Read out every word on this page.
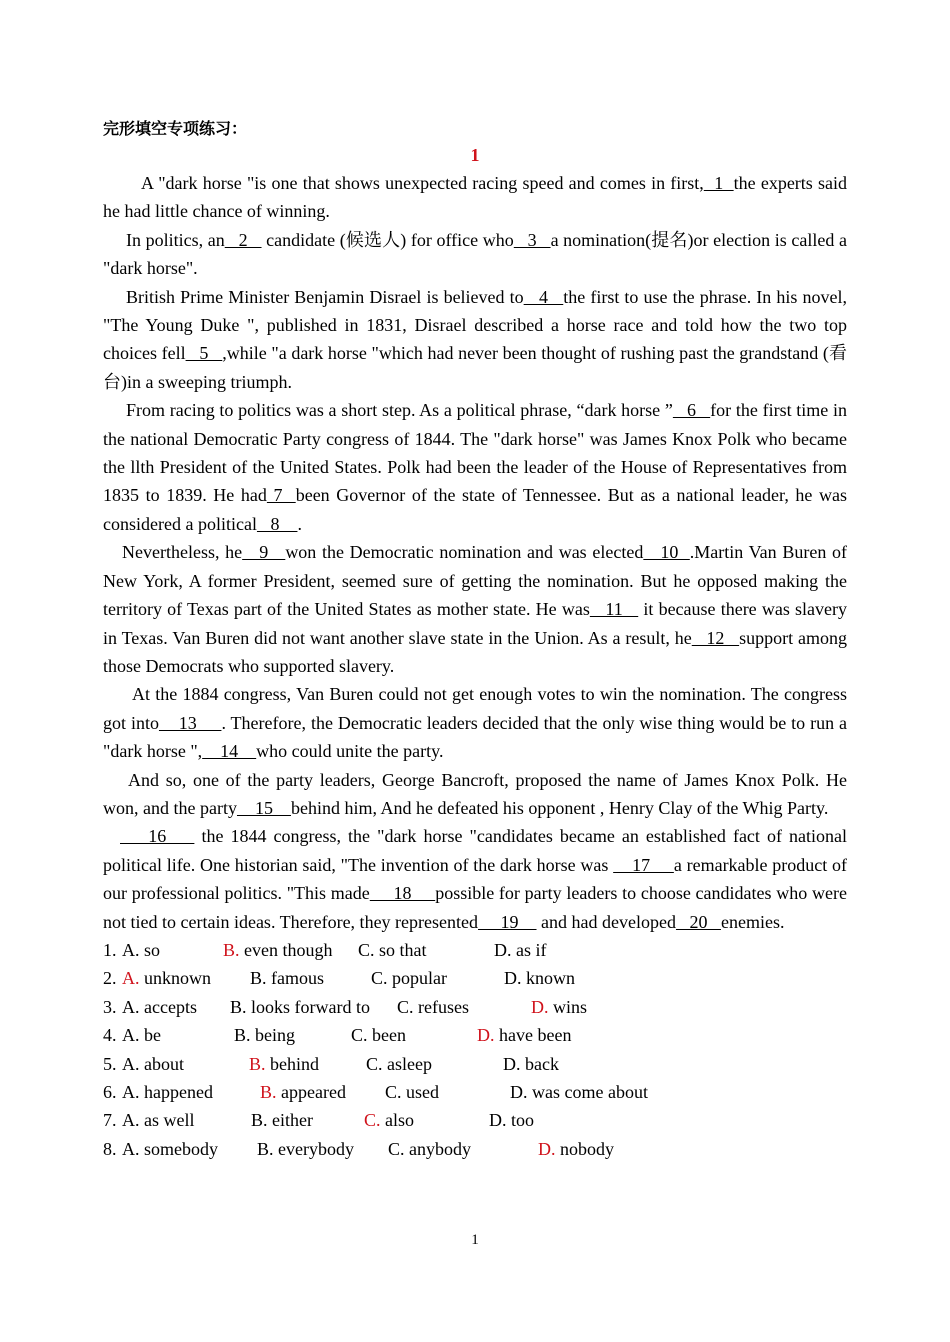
完形填空专项练习：

1

A "dark horse "is one that shows unexpected racing speed and comes in first,  1  the experts said he had little chance of winning.

In politics, an   2    candidate (候选人) for office who   3   a nomination(提名)or election is called a "dark horse".

British Prime Minister Benjamin Disrael is believed to   4   the first to use the phrase. In his novel, "The Young Duke ", published in 1831, Disrael described a horse race and told how the two top choices fell   5   ,while "a dark horse "which had never been thought of rushing past the grandstand (看台)in a sweeping triumph.

From racing to politics was a short step. As a political phrase, “dark horse ”   6   for the first time in the national Democratic Party congress of 1844. The "dark horse" was James Knox Polk who became the llth President of the United States. Polk had been the leader of the House of Representatives from 1835 to 1839. He had 7  been Governor of the state of Tennessee. But as a national leader, he was considered a political   8    .

Nevertheless, he   9   won the Democratic nomination and was elected   10  .Martin Van Buren of New York, A former President, seemed sure of getting the nomination. But he opposed making the territory of Texas part of the United States as mother state. He was   11    it because there was slavery in Texas. Van Buren did not want another slave state in the Union. As a result, he   12   support among those Democrats who supported slavery.

At the 1884 congress, Van Buren could not get enough votes to win the nomination. The congress got into    13     . Therefore, the Democratic leaders decided that the only wise thing would be to run a "dark horse ",    14    who could unite the party.

And so, one of the party leaders, George Bancroft, proposed the name of James Knox Polk. He won, and the party    15    behind him, And he defeated his opponent , Henry Clay of the Whig Party.

16     the 1844 congress, the "dark horse "candidates became an established fact of national political life. One historian said, "The invention of the dark horse was     17     a remarkable product of our professional politics. "This made     18     possible for party leaders to choose candidates who were not tied to certain ideas. Therefore, they represented     19     and had developed   20   enemies.

1. A. so	B. even though C. so that	D. as if
2. A. unknown B. famous	C. popular	D. known
3. A. accepts B. looks forward to C. refuses	D. wins
4. A. be	B. being	C. been	D. have been
5. A. about	B. behind	C. asleep	D. back
6. A. happened	B. appeared C. used	D. was come about
7. A. as well	B. either	C. also	D. too
8. A. somebody B. everybody C. anybody	D. nobody
1
